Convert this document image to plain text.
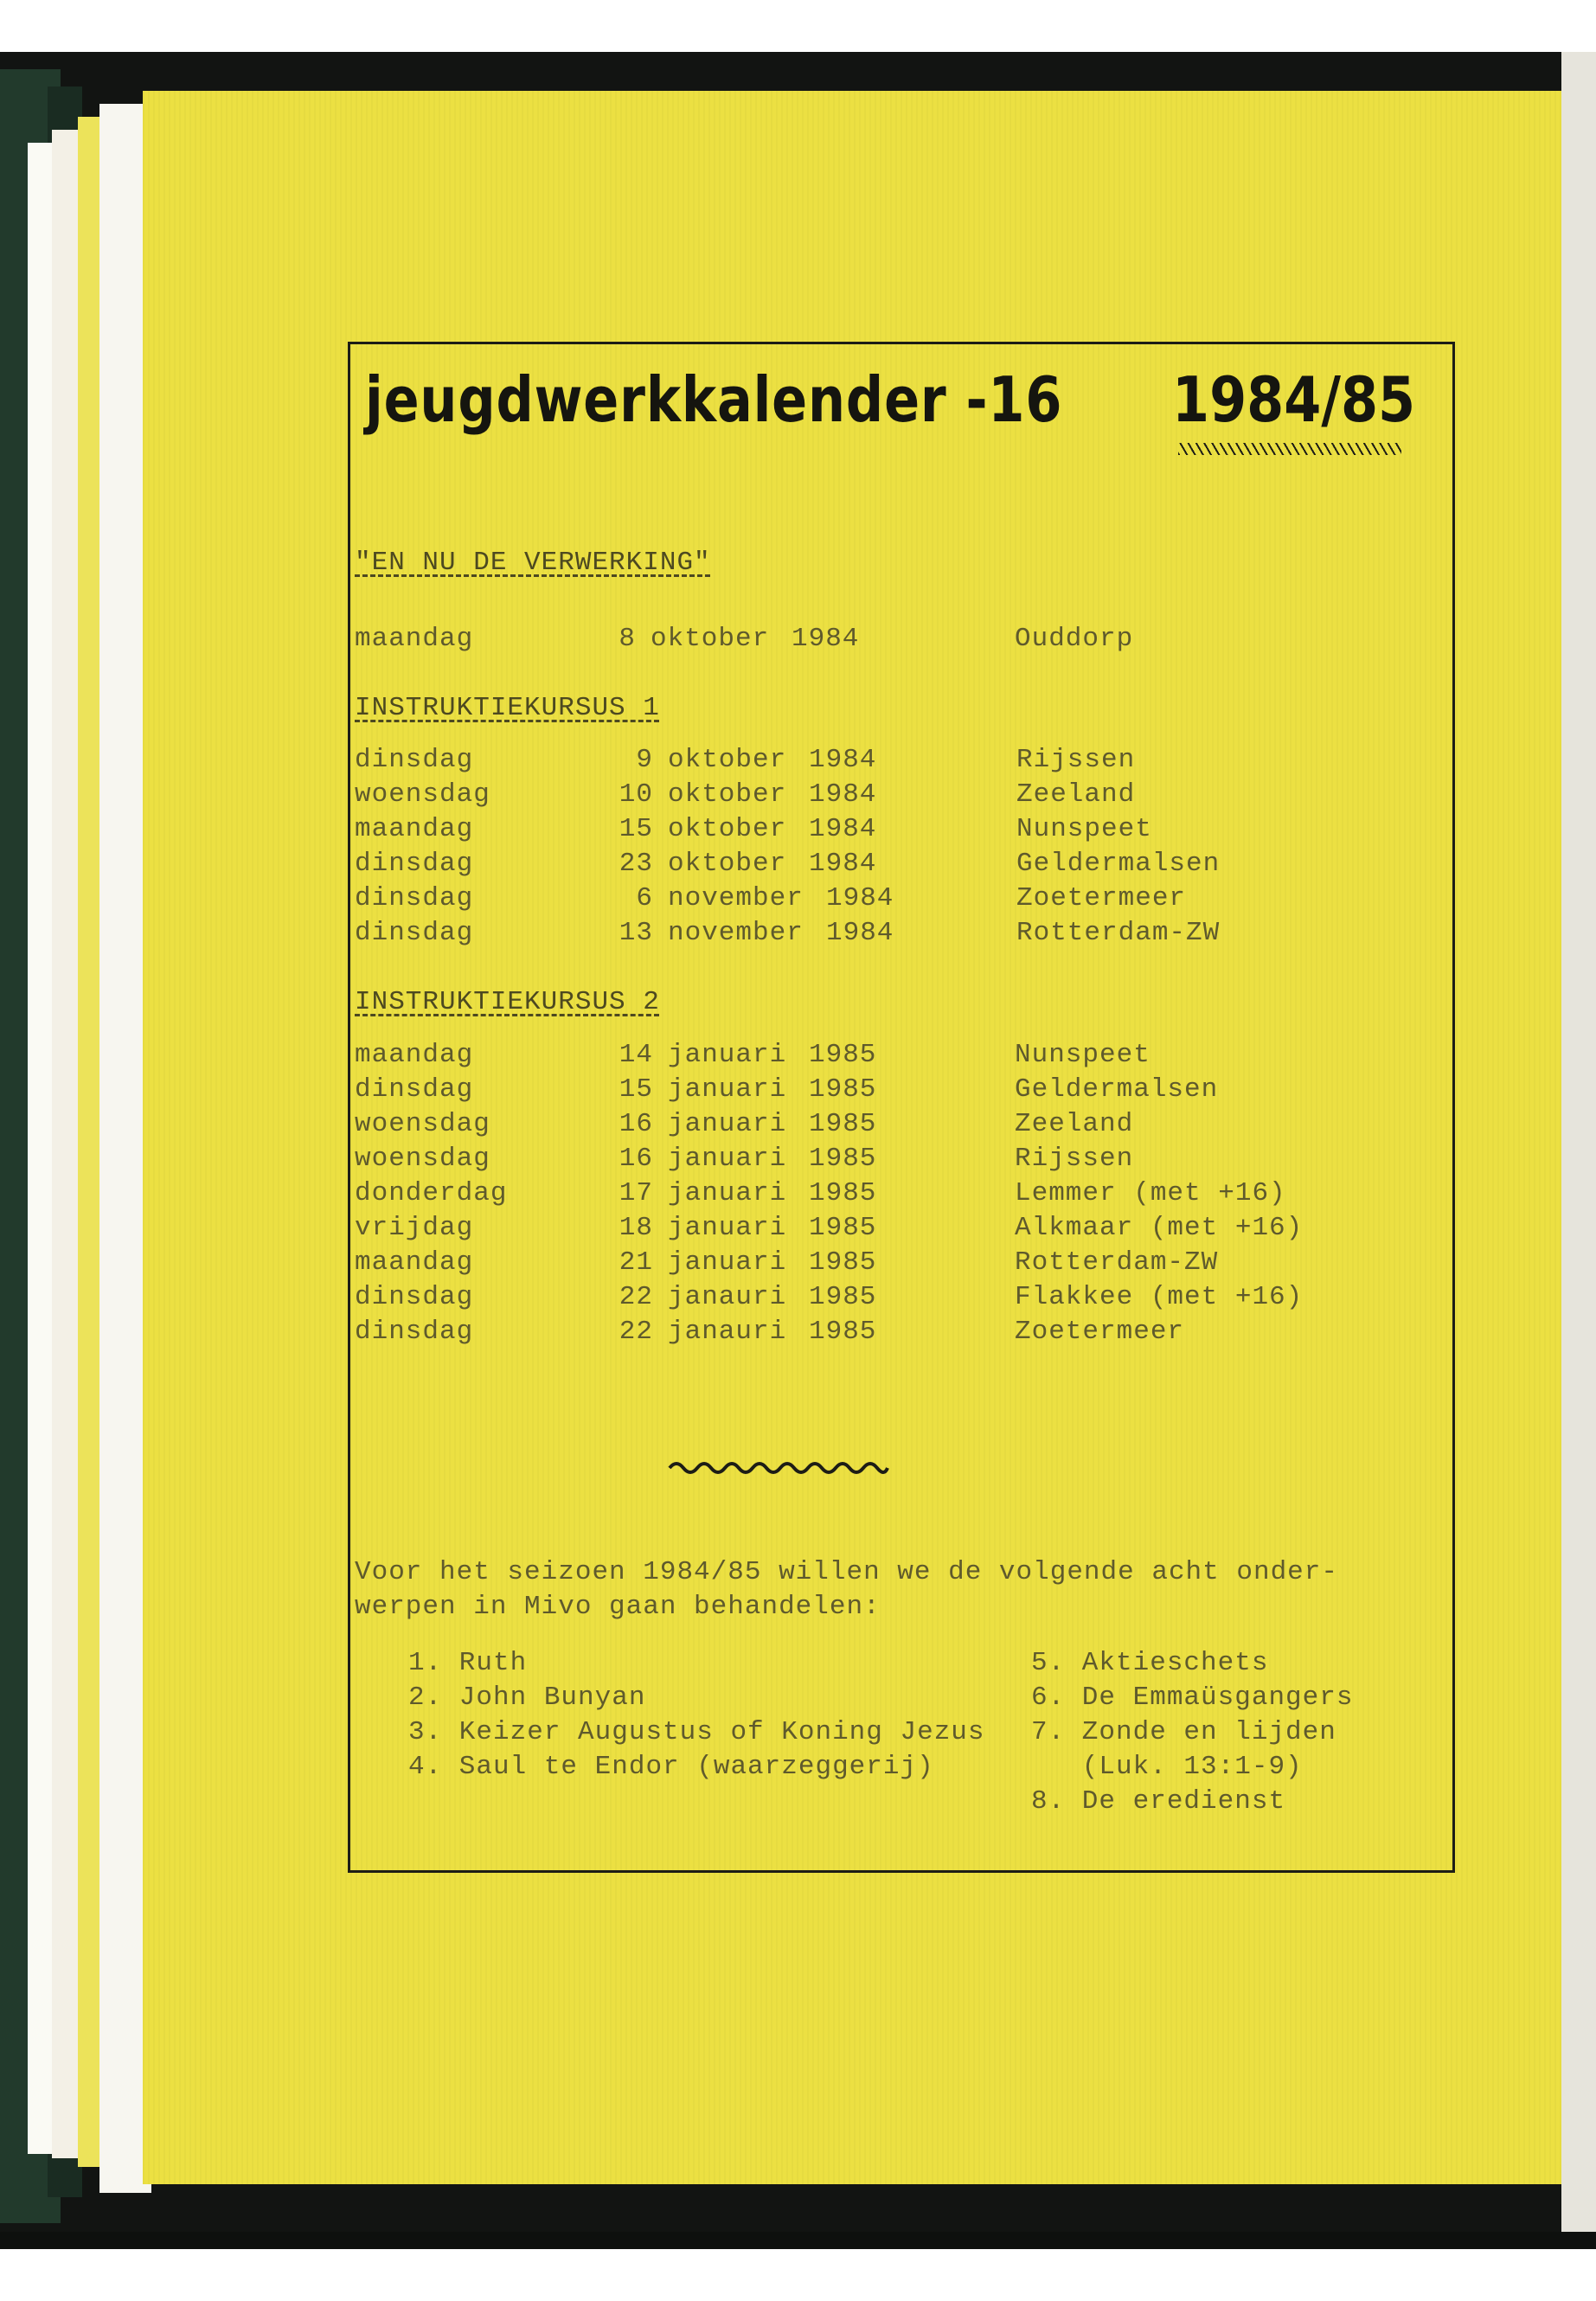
jeugdwerkkalender -16 1984/85
"EN NU DE VERWERKING"
maandag	8 oktober 1984	Ouddorp
INSTRUKTIEKURSUS 1
dinsdag	9 oktober 1984	Rijssen
woensdag	10 oktober 1984	Zeeland
maandag	15 oktober 1984	Nunspeet
dinsdag	23 oktober 1984	Geldermalsen
dinsdag	6 november 1984	Zoetermeer
dinsdag	13 november 1984	Rotterdam-ZW
INSTRUKTIEKURSUS 2
maandag	14 januari 1985	Nunspeet
dinsdag	15 januari 1985	Geldermalsen
woensdag	16 januari 1985	Zeeland
woensdag	16 januari 1985	Rijssen
donderdag	17 januari 1985	Lemmer (met +16)
vrijdag	18 januari 1985	Alkmaar (met +16)
maandag	21 januari 1985	Rotterdam-ZW
dinsdag	22 janauri 1985	Flakkee (met +16)
dinsdag	22 janauri 1985	Zoetermeer
Voor het seizoen 1984/85 willen we de volgende acht onder-
werpen in Mivo gaan behandelen:
1. Ruth
2. John Bunyan
3. Keizer Augustus of Koning Jezus
4. Saul te Endor (waarzeggerij)
5. Aktieschets
6. De Emmaüsgangers
7. Zonde en lijden
(Luk. 13:1-9)
8. De eredienst
